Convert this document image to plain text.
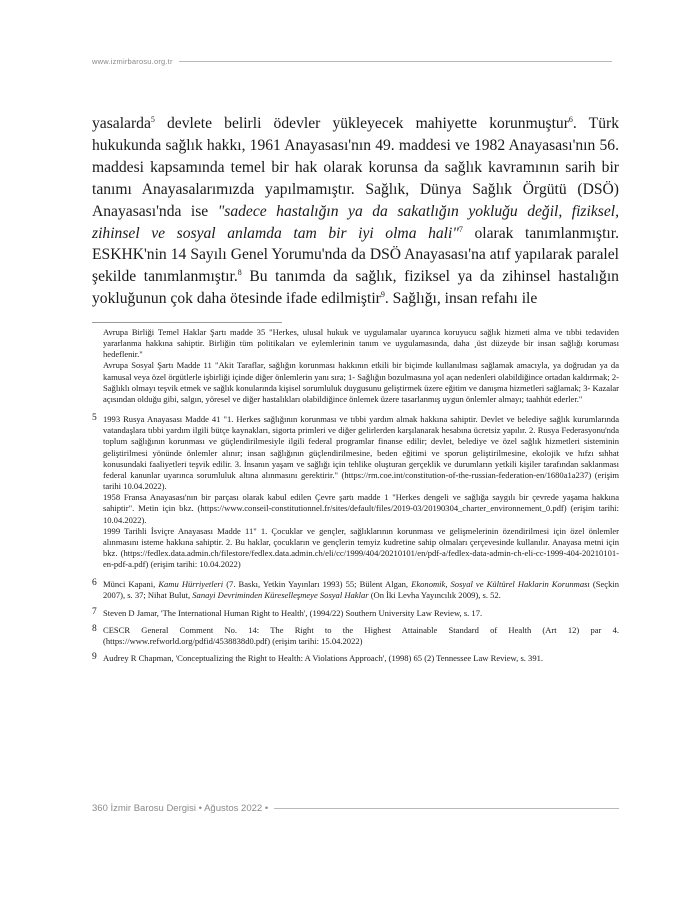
www.izmirbarosu.org.tr

yasalarda$^5$ devlete belirli ödevler yükleyecek mahiyette korunmuştur$^6$. Türk hukukunda sağlık hakkı, 1961 Anayasası'nın 49. maddesi ve 1982 Anayasası'nın 56. maddesi kapsamında temel bir hak olarak korunsa da sağlık kavramının sarih bir tanımı Anayasalarımızda yapılmamıştır. Sağlık, Dünya Sağlık Örgütü (DSÖ) Anayasası'nda ise "sadece hastalığın ya da sakatlığın yokluğu değil, fiziksel, zihinsel ve sosyal anlamda tam bir iyi olma hali"$^7$ olarak tanımlanmıştır. ESKHK'nin 14 Sayılı Genel Yorumu'nda da DSÖ Anayasası'na atıf yapılarak paralel şekilde tanımlanmıştır.$^8$ Bu tanımda da sağlık, fiziksel ya da zihinsel hastalığın yokluğunun çok daha ötesinde ifade edilmiştir$^9$. Sağlığı, insan refahı ile

Avrupa Birliği Temel Haklar Şartı madde 35 "Herkes, ulusal hukuk ve uygulamalar uyarınca koruyucu sağlık hizmeti alma ve tıbbi tedaviden yararlanma hakkına sahiptir. Birliğin tüm politikaları ve eylemlerinin tanım ve uygulamasında, daha ¸üst düzeyde bir insan sağlığı koruması hedeflenir."

Avrupa Sosyal Şartı Madde 11 "Akit Taraflar, sağlığın korunması hakkının etkili bir biçimde kullanılması sağlamak amacıyla, ya doğrudan ya da kamusal veya özel örgütlerle işbirliği içinde diğer önlemlerin yanı sıra; 1- Sağlığın bozulmasına yol açan nedenleri olabildiğince ortadan kaldırmak; 2- Sağlıklı olmayı teşvik etmek ve sağlık konularında kişisel sorumluluk duygusunu geliştirmek üzere eğitim ve danışma hizmetleri sağlamak; 3- Kazalar açısından olduğu gibi, salgın, yöresel ve diğer hastalıkları olabildiğince önlemek üzere tasarlanmış uygun önlemler almayı; taahhüt ederler."

5 1993 Rusya Anayasası Madde 41 "1. Herkes sağlığının korunması ve tıbbi yardım almak hakkına sahiptir. Devlet ve belediye sağlık kurumlarında vatandaşlara tıbbi yardım ilgili bütçe kaynakları, sigorta primleri ve diğer gelirlerden karşılanarak hesabına ücretsiz yapılır. 2. Rusya Federasyonu'nda toplum sağlığının korunması ve güçlendirilmesiyle ilgili federal programlar finanse edilir; devlet, belediye ve özel sağlık hizmetleri sisteminin geliştirilmesi yönünde önlemler alınır; insan sağlığının güçlendirilmesine, beden eğitimi ve sporun geliştirilmesine, ekolojik ve hıfzı sıhhat konusundaki faaliyetleri teşvik edilir. 3. İnsanın yaşam ve sağlığı için tehlike oluşturan gerçeklik ve durumların yetkili kişiler tarafından saklanması federal kanunlar uyarınca sorumluluk altına alınmasını gerektirir." (https://rm.coe.int/constitution-of-the-russian-federation-en/1680a1a237) (erişim tarihi 10.04.2022).

1958 Fransa Anayasası'nın bir parçası olarak kabul edilen Çevre şartı madde 1 "Herkes dengeli ve sağlığa saygılı bir çevrede yaşama hakkına sahiptir". Metin için bkz. (https://www.conseil-constitutionnel.fr/sites/default/files/2019-03/20190304_charter_environnement_0.pdf) (erişim tarihi: 10.04.2022).

1999 Tarihli İsviçre Anayasası Madde 11" 1. Çocuklar ve gençler, sağlıklarının korunması ve gelişmelerinin özendirilmesi için özel önlemler alınmasını isteme hakkına sahiptir. 2. Bu haklar, çocukların ve gençlerin temyiz kudretine sahip olmaları çerçevesinde kullanılır. Anayasa metni için bkz. (https://fedlex.data.admin.ch/filestore/fedlex.data.admin.ch/eli/cc/1999/404/20210101/en/pdf-a/fedlex-data-admin-ch-eli-cc-1999-404-20210101-en-pdf-a.pdf) (erişim tarihi: 10.04.2022)

6 Münci Kapani, Kamu Hürriyetleri (7. Baskı, Yetkin Yayınları 1993) 55; Bülent Algan, Ekonomik, Sosyal ve Kültürel Haklarin Korunması (Seçkin 2007), s. 37; Nihat Bulut, Sanayi Devriminden Küreselleşmeye Sosyal Haklar (On İki Levha Yayıncılık 2009), s. 52.

7 Steven D Jamar, 'The International Human Right to Health', (1994/22) Southern University Law Review, s. 17.

8 CESCR General Comment No. 14: The Right to the Highest Attainable Standard of Health (Art 12) par 4. (https://www.refworld.org/pdfid/4538838d0.pdf) (erişim tarihi: 15.04.2022)

9 Audrey R Chapman, 'Conceptualizing the Right to Health: A Violations Approach', (1998) 65 (2) Tennessee Law Review, s. 391.

360 İzmir Barosu Dergisi • Ağustos 2022 •
